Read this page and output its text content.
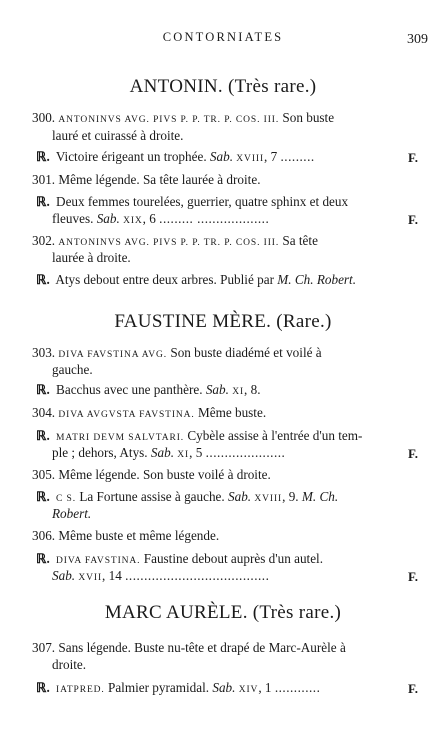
CONTORNIATES	309
ANTONIN. (Très rare.)
300. ANTONINVS AVG. PIVS P. P. TR. P. COS. III. Son buste
lauré et cuirassé à droite.
ℝ. Victoire érigeant un trophée. Sab. XVIII, 7 .........	F.
301. Même légende. Sa tête laurée à droite.
ℝ. Deux femmes tourelées, guerrier, quatre sphinx et deux
fleuves. Sab. XIX, 6 ......... ...................	F.
302. ANTONINVS AVG. PIVS P. P. TR. P. COS. III. Sa tête
laurée à droite.
ℝ. Atys debout entre deux arbres. Publié par M. Ch. Robert.
FAUSTINE MÈRE. (Rare.)
303. DIVA FAVSTINA AVG. Son buste diadémé et voilé à
gauche.
ℝ. Bacchus avec une panthère. Sab. XI, 8.
304. DIVA AVGVSTA FAVSTINA. Même buste.
ℝ. MATRI DEVM SALVTARI. Cybèle assise à l'entrée d'un tem-
ple ; dehors, Atys. Sab. XI, 5 .....................	F.
305. Même légende. Son buste voilé à droite.
ℝ. C S. La Fortune assise à gauche. Sab. XVIII, 9. M. Ch.
Robert.
306. Même buste et même légende.
ℝ. DIVA FAVSTINA. Faustine debout auprès d'un autel.
Sab. XVII, 14 ......................................	F.
MARC AURÈLE. (Très rare.)
307. Sans légende. Buste nu-tête et drapé de Marc-Aurèle à
droite.
ℝ. IATPRED. Palmier pyramidal. Sab. XIV, 1 ............	F.
